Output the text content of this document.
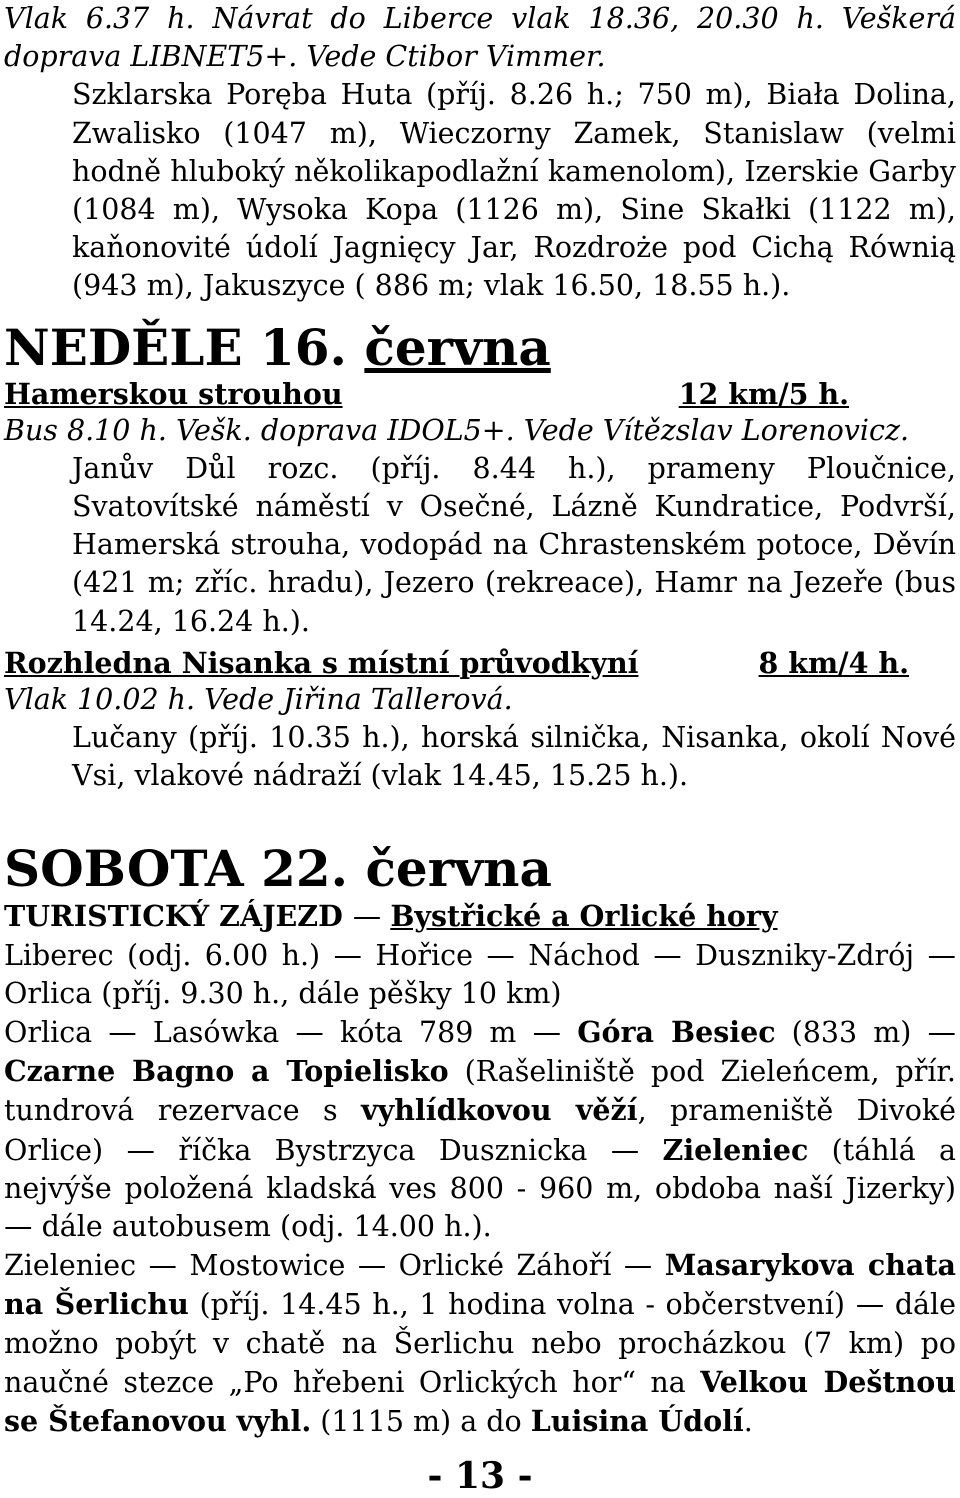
Vlak 6.37 h. Návrat do Liberce vlak 18.36, 20.30 h. Veškerá doprava LIBNET5+. Vede Ctibor Vimmer.

Szklarska Poręba Huta (příj. 8.26 h.; 750 m), Biała Dolina, Zwalisko (1047 m), Wieczorny Zamek, Stanislaw (velmi hodně hluboký několikapodlažní kamenolom), Izerskie Garby (1084 m), Wysoka Kopa (1126 m), Sine Skałki (1122 m), kaňonovité údolí Jagnięcy Jar, Rozdroże pod Cichą Równią (943 m), Jakuszyce ( 886 m; vlak 16.50, 18.55 h.).

NEDĚLE 16. června
Hamerskou strouhou	12 km/5 h.

Bus 8.10 h. Vešk. doprava IDOL5+. Vede Vítězslav Lorenovicz.

Janův Důl rozc. (příj. 8.44 h.), prameny Ploučnice, Svatovítské náměstí v Osečné, Lázně Kundratice, Podvrší, Hamerská strouha, vodopád na Chrastenském potoce, Děvín (421 m; zříc. hradu), Jezero (rekreace), Hamr na Jezeře (bus 14.24, 16.24 h.).

Rozhledna Nisanka s místní průvodkyní	8 km/4 h.

Vlak 10.02 h. Vede Jiřina Tallerová.

Lučany (příj. 10.35 h.), horská silnička, Nisanka, okolí Nové Vsi, vlakové nádraží (vlak 14.45, 15.25 h.).

SOBOTA 22. června
TURISTICKÝ ZÁJEZD — Bystřické a Orlické hory

Liberec (odj. 6.00 h.) — Hořice — Náchod — Duszniky-Zdrój —

Orlica (příj. 9.30 h., dále pěšky 10 km)

Orlica — Lasówka — kóta 789 m — Góra Besiec (833 m) — Czarne Bagno a Topielisko (Rašeliniště pod Zieleńcem, přír. tundrová rezervace s vyhlídkovou věží, prameniště Divoké Orlice) — říčka Bystrzyca Dusznicka — Zieleniec (táhlá a nejvýše položená kladská ves 800 - 960 m, obdoba naší Jizerky) — dále autobusem (odj. 14.00 h.).

Zieleniec — Mostowice — Orlické Záhoří — Masarykova chata na Šerlichu (příj. 14.45 h., 1 hodina volna - občerstvení) — dále možno pobýt v chatě na Šerlichu nebo procházkou (7 km) po naučné stezce „Po hřebeni Orlických hor“ na Velkou Deštnou se Štefanovou vyhl. (1115 m) a do Luisina Údolí.

- 13 -
